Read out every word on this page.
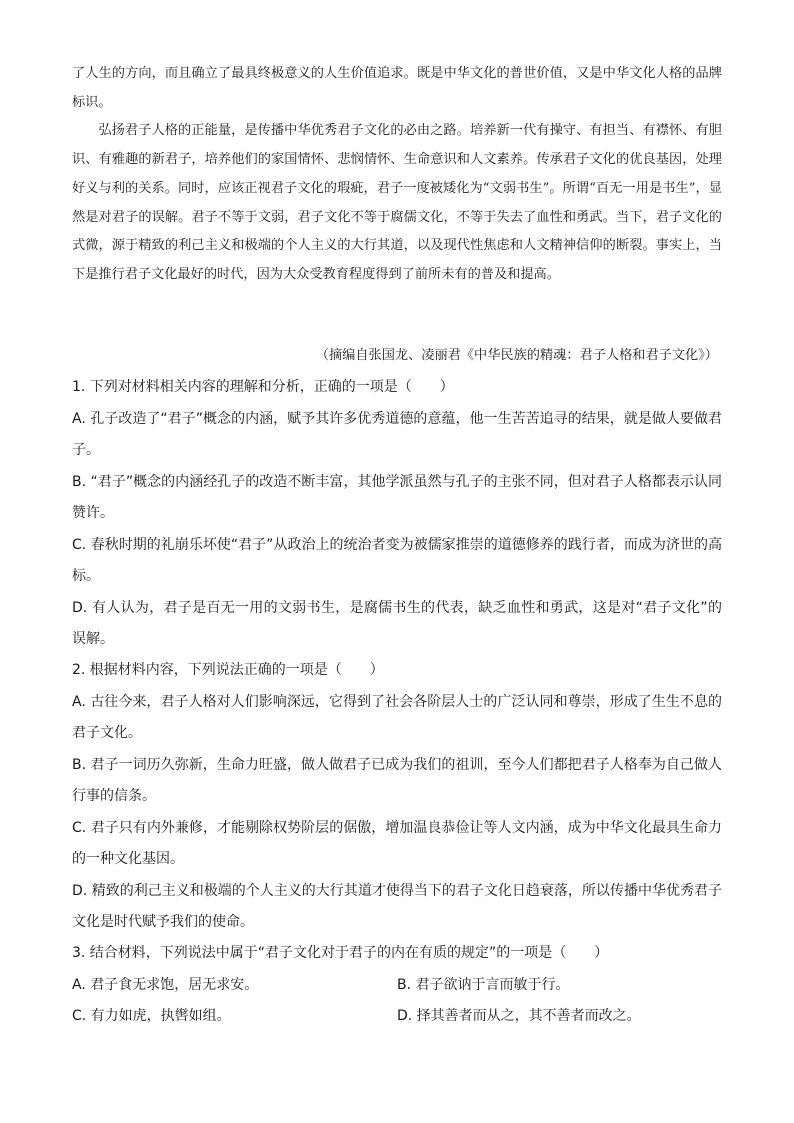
了人生的方向，而且确立了最具终极意义的人生价值追求。既是中华文化的普世价值，又是中华文化人格的品牌标识。

弘扬君子人格的正能量，是传播中华优秀君子文化的必由之路。培养新一代有操守、有担当、有襟怀、有胆识、有雅趣的新君子，培养他们的家国情怀、悲悯情怀、生命意识和人文素养。传承君子文化的优良基因，处理好义与利的关系。同时，应该正视君子文化的瑕疵，君子一度被矮化为“文弱书生”。所谓“百无一用是书生”，显然是对君子的误解。君子不等于文弱，君子文化不等于腐儒文化，不等于失去了血性和勇武。当下，君子文化的式微，源于精致的利己主义和极端的个人主义的大行其道，以及现代性焦虑和人文精神信仰的断裂。事实上，当下是推行君子文化最好的时代，因为大众受教育程度得到了前所未有的普及和提高。

（摘编自张国龙、凌丽君《中华民族的精魂：君子人格和君子文化》）

1. 下列对材料相关内容的理解和分析，正确的一项是（　　）

A. 孔子改造了“君子”概念的内涵，赋予其许多优秀道德的意蕴，他一生苦苦追寻的结果，就是做人要做君子。

B. “君子”概念的内涵经孔子的改造不断丰富，其他学派虽然与孔子的主张不同，但对君子人格都表示认同赞许。

C. 春秋时期的礼崩乐坏使“君子”从政治上的统治者变为被儒家推崇的道德修养的践行者，而成为济世的高标。

D. 有人认为，君子是百无一用的文弱书生，是腐儒书生的代表，缺乏血性和勇武，这是对“君子文化”的误解。

2. 根据材料内容，下列说法正确的一项是（　　）

A. 古往今来，君子人格对人们影响深远，它得到了社会各阶层人士的广泛认同和尊崇，形成了生生不息的君子文化。

B. 君子一词历久弥新，生命力旺盛，做人做君子已成为我们的祖训，至今人们都把君子人格奉为自己做人行事的信条。

C. 君子只有内外兼修，才能剔除权势阶层的倨傲，增加温良恭俭让等人文内涵，成为中华文化最具生命力的一种文化基因。

D. 精致的利己主义和极端的个人主义的大行其道才使得当下的君子文化日趋衰落，所以传播中华优秀君子文化是时代赋予我们的使命。

3. 结合材料，下列说法中属于“君子文化对于君子的内在有质的规定”的一项是（　　）

A. 君子食无求饱，居无求安。	B. 君子欲讷于言而敏于行。
C. 有力如虎，执辔如组。	D. 择其善者而从之，其不善者而改之。
